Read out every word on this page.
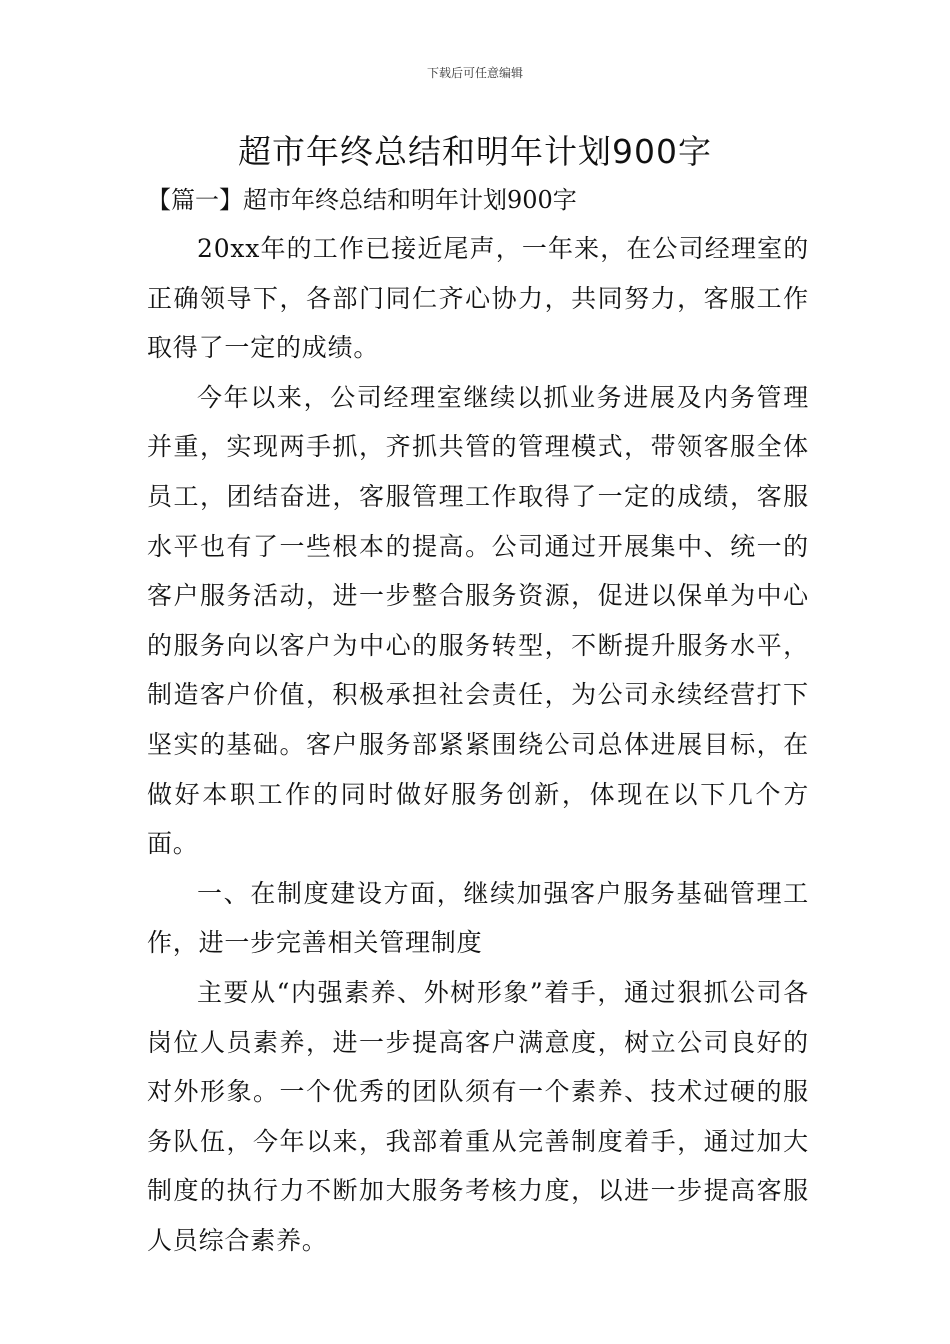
下载后可任意编辑
超市年终总结和明年计划900字
【篇一】超市年终总结和明年计划900字

20xx年的工作已接近尾声，一年来，在公司经理室的正确领导下，各部门同仁齐心协力，共同努力，客服工作取得了一定的成绩。

今年以来，公司经理室继续以抓业务进展及内务管理并重，实现两手抓，齐抓共管的管理模式，带领客服全体员工，团结奋进，客服管理工作取得了一定的成绩，客服水平也有了一些根本的提高。公司通过开展集中、统一的客户服务活动，进一步整合服务资源，促进以保单为中心的服务向以客户为中心的服务转型，不断提升服务水平，制造客户价值，积极承担社会责任，为公司永续经营打下坚实的基础。客户服务部紧紧围绕公司总体进展目标，在做好本职工作的同时做好服务创新，体现在以下几个方面。

一、在制度建设方面，继续加强客户服务基础管理工作，进一步完善相关管理制度

主要从“内强素养、外树形象”着手，通过狠抓公司各岗位人员素养，进一步提高客户满意度，树立公司良好的对外形象。一个优秀的团队须有一个素养、技术过硬的服务队伍，今年以来，我部着重从完善制度着手，通过加大制度的执行力不断加大服务考核力度，以进一步提高客服人员综合素养。
